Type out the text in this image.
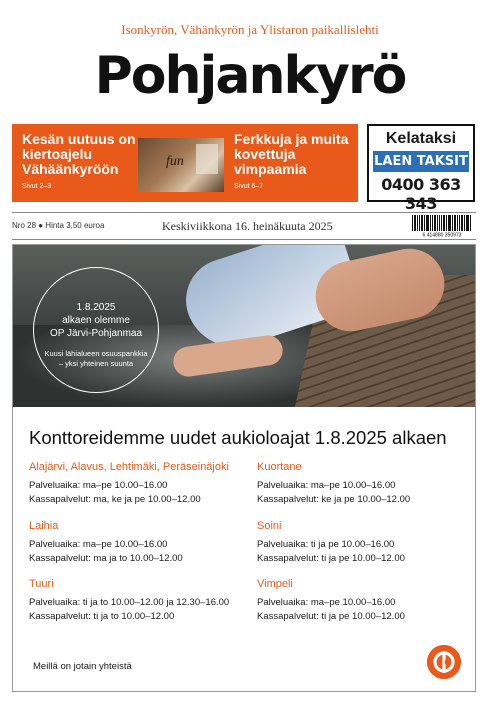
Isonkyrön, Vähänkyrön ja Ylistaron paikallislehti
Pohjankyrö
Kesän uutuus on kiertoajelu Vähäänkyröön
Sivut 2–3
fun
Ferkkuja ja muita kovettuja vimpaamia
Sivut 6–7
Kelataksi
LAEN TAKSIT
0400 363 343
Nro 28 ● Hinta 3,50 euroa	Keskiviikkona 16. heinäkuuta 2025
6 414880 350973
1.8.2025
alkaen olemme
OP Järvi-Pohjanmaa
Kuusi lähialueen osuuspankkia
– yksi yhteinen suunta
Konttoreidemme uudet aukioloajat 1.8.2025 alkaen
Alajärvi, Alavus, Lehtimäki, Peräseinäjoki
Palveluaika: ma–pe 10.00–16.00
Kassapalvelut: ma, ke ja pe 10.00–12.00
Kuortane
Palveluaika: ma–pe 10.00–16.00
Kassapalvelut: ke ja pe 10.00–12.00
Laihia
Palveluaika: ma–pe 10.00–16.00
Kassapalvelut: ma ja to 10.00–12.00
Soini
Palveluaika: ti ja pe 10.00–16.00
Kassapalvelut: ti ja pe 10.00–12.00
Tuuri
Palveluaika: ti ja to 10.00–12.00 ja 12.30–16.00
Kassapalvelut: ti ja to 10.00–12.00
Vimpeli
Palveluaika: ma–pe 10.00–16.00
Kassapalvelut: ti ja pe 10.00–12.00
Meillä on jotain yhteistä
